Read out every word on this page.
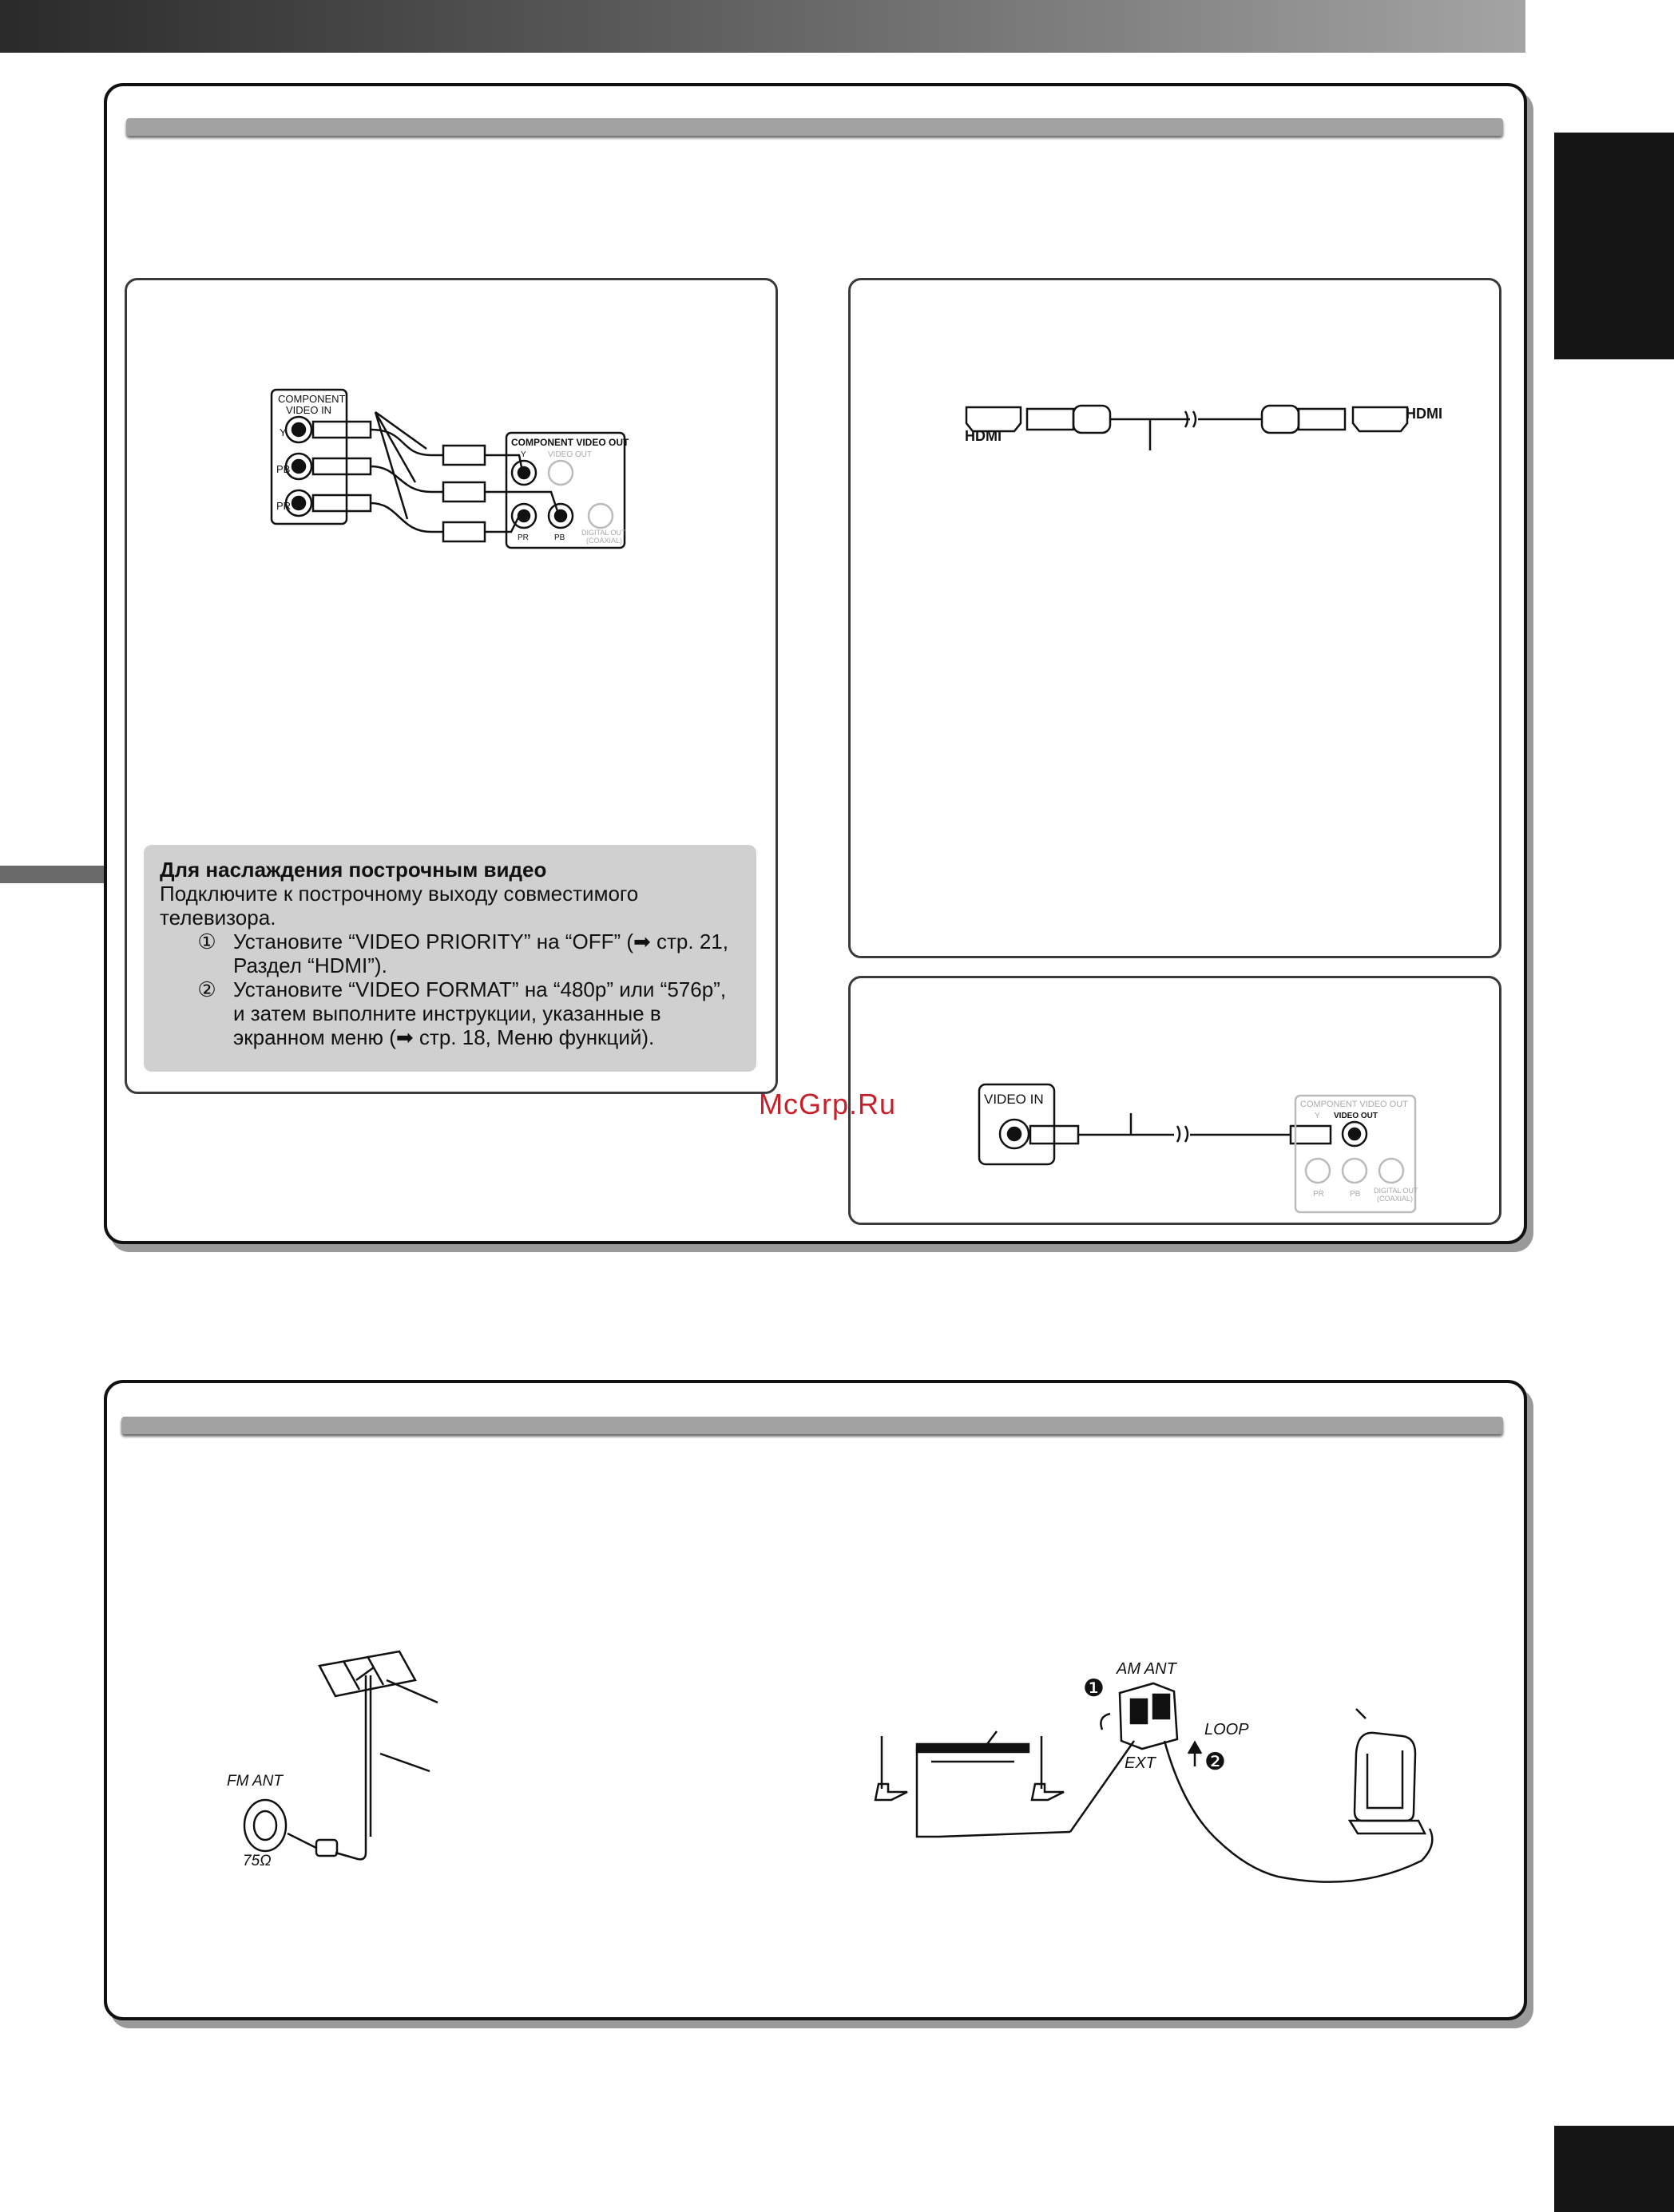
Для наслаждения построчным видео
Подключите к построчному выходу совместимого телевизора.
① Установите “VIDEO PRIORITY” на “OFF” (➡ стр. 21, Раздел “HDMI”).
② Установите “VIDEO FORMAT” на “480p” или “576p”, и затем выполните инструкции, указанные в экранном меню (➡ стр. 18, Меню функций).
McGrp.Ru
COMPONENT
VIDEO IN
Y
PB
PR
COMPONENT VIDEO OUT
Y	VIDEO OUT
PR	PB
DIGITAL OUT
(COAXIAL)
HDMI
HDMI
VIDEO IN	COMPONENT VIDEO OUT
Y VIDEO OUT
PR	PB DIGITAL OUT
(COAXIAL)
FM ANT
75Ω
AM ANT
LOOP
EXT
❶
❷
